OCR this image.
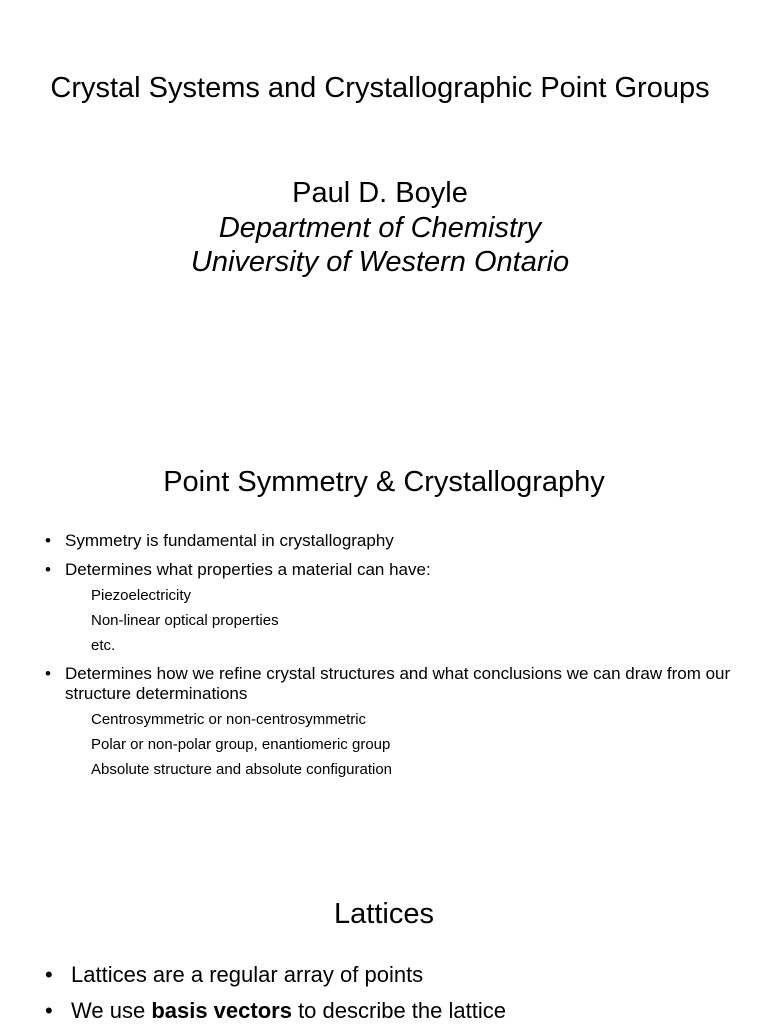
Crystal Systems and Crystallographic Point Groups
Paul D. Boyle
Department of Chemistry
University of Western Ontario
Point Symmetry & Crystallography
• Symmetry is fundamental in crystallography
• Determines what properties a material can have:
Piezoelectricity
Non-linear optical properties
etc.
• Determines how we refine crystal structures and what conclusions we can draw from our structure determinations
Centrosymmetric or non-centrosymmetric
Polar or non-polar group, enantiomeric group
Absolute structure and absolute configuration
Lattices
• Lattices are a regular array of points
• We use basis vectors to describe the lattice
